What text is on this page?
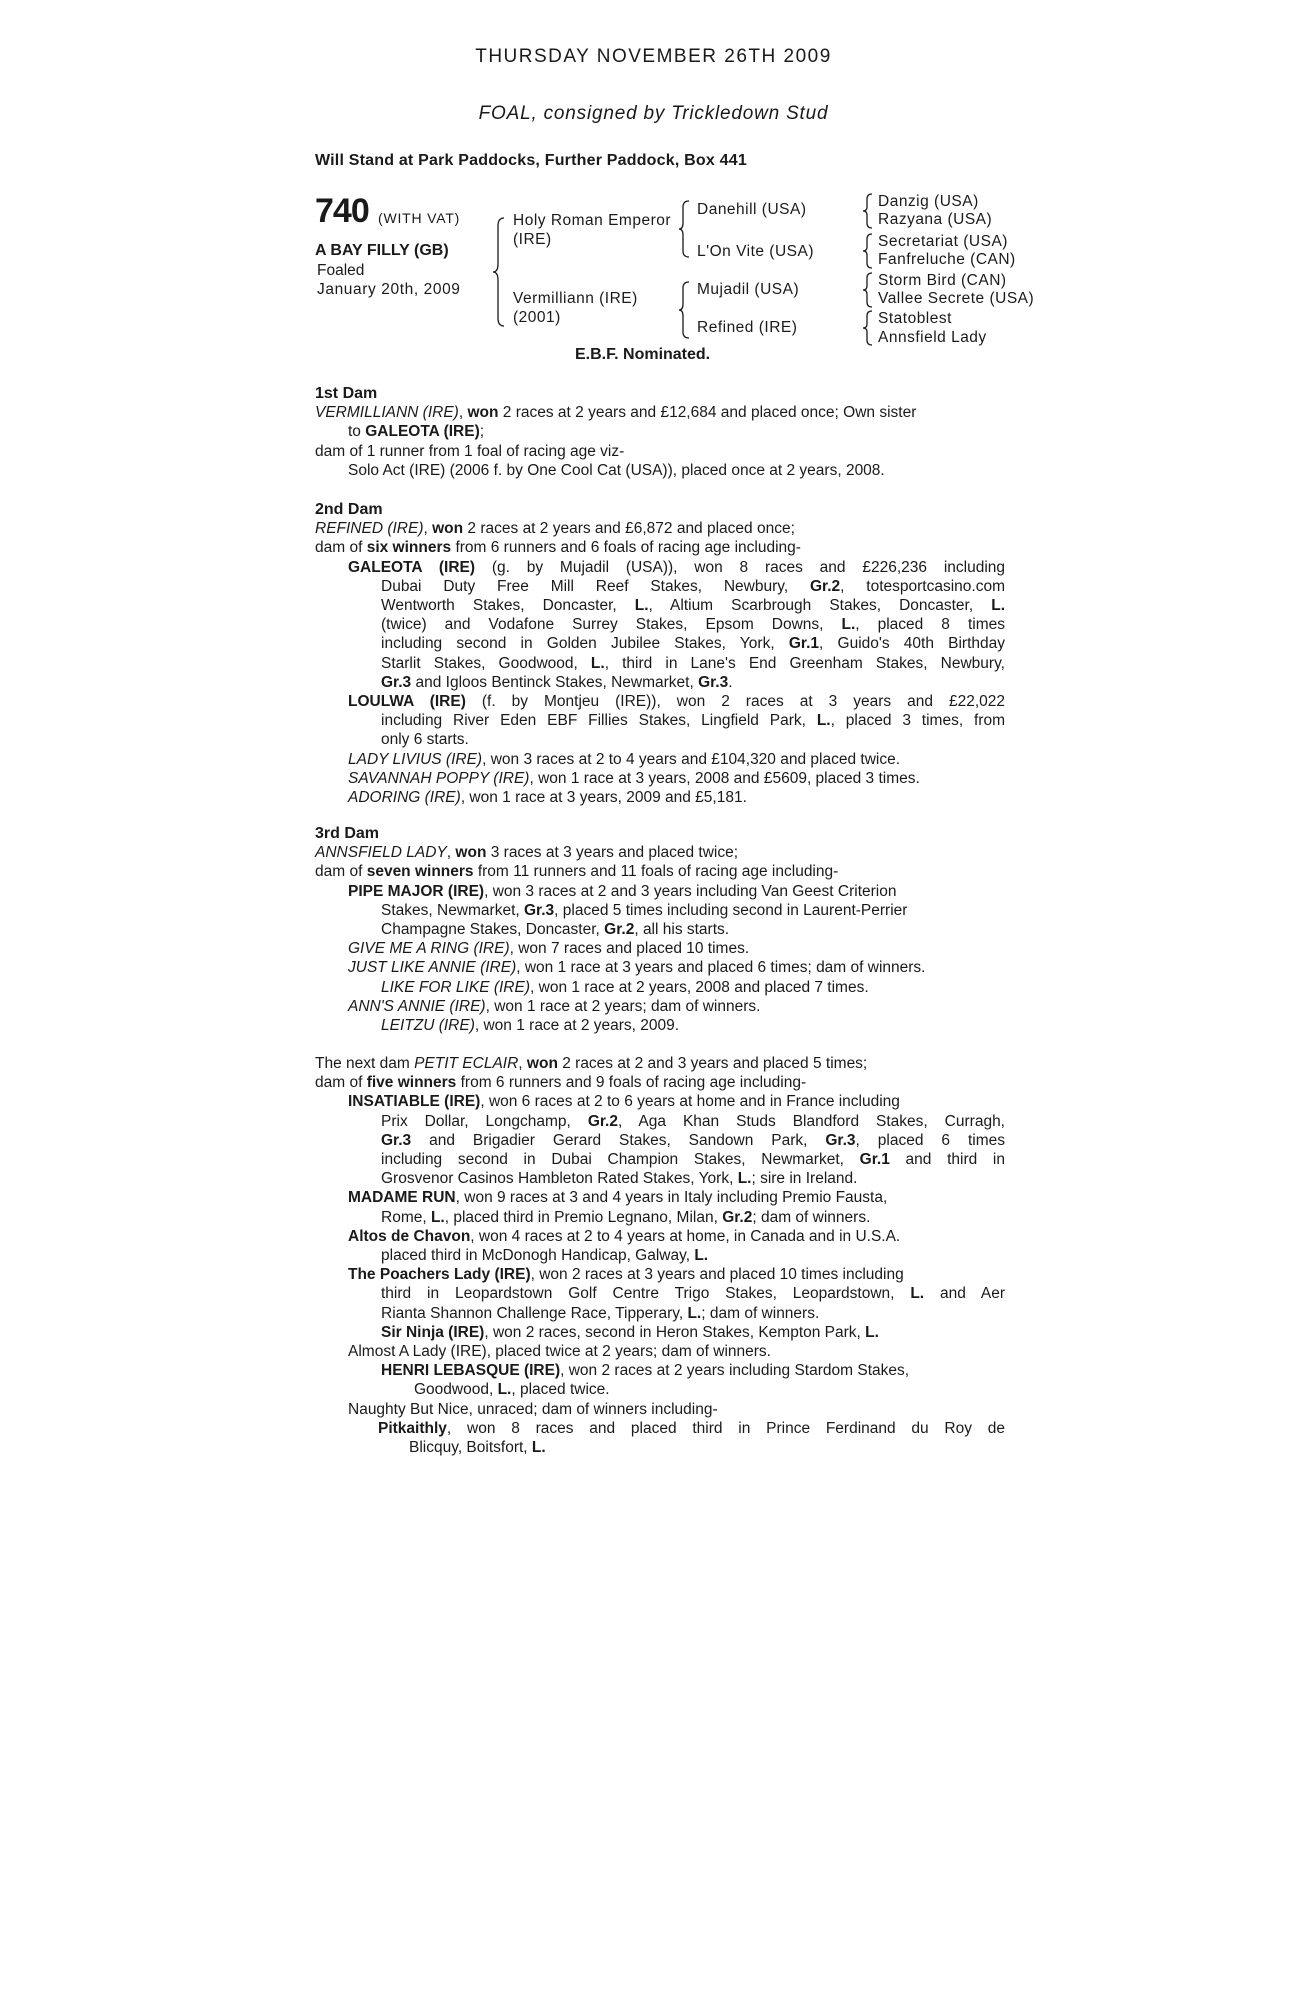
THURSDAY NOVEMBER 26TH 2009
FOAL, consigned by Trickledown Stud
Will Stand at Park Paddocks, Further Paddock, Box 441
740 (WITH VAT)
A BAY FILLY (GB)
Foaled
January 20th, 2009
Holy Roman Emperor
(IRE)
Vermilliann (IRE)
(2001)
Danehill (USA)
L'On Vite (USA)
Mujadil (USA)
Refined (IRE)
Danzig (USA)
Razyana (USA)
Secretariat (USA)
Fanfreluche (CAN)
Storm Bird (CAN)
Vallee Secrete (USA)
Statoblest
Annsfield Lady
E.B.F. Nominated.
1st Dam
VERMILLIANN (IRE), won 2 races at 2 years and £12,684 and placed once; Own sister
to GALEOTA (IRE);
dam of 1 runner from 1 foal of racing age viz-
Solo Act (IRE) (2006 f. by One Cool Cat (USA)), placed once at 2 years, 2008.
2nd Dam
REFINED (IRE), won 2 races at 2 years and £6,872 and placed once;
dam of six winners from 6 runners and 6 foals of racing age including-
GALEOTA (IRE) (g. by Mujadil (USA)), won 8 races and £226,236 including
Dubai Duty Free Mill Reef Stakes, Newbury, Gr.2, totesportcasino.com
Wentworth Stakes, Doncaster, L., Altium Scarbrough Stakes, Doncaster, L.
(twice) and Vodafone Surrey Stakes, Epsom Downs, L., placed 8 times
including second in Golden Jubilee Stakes, York, Gr.1, Guido's 40th Birthday
Starlit Stakes, Goodwood, L., third in Lane's End Greenham Stakes, Newbury,
Gr.3 and Igloos Bentinck Stakes, Newmarket, Gr.3.
LOULWA (IRE) (f. by Montjeu (IRE)), won 2 races at 3 years and £22,022
including River Eden EBF Fillies Stakes, Lingfield Park, L., placed 3 times, from
only 6 starts.
LADY LIVIUS (IRE), won 3 races at 2 to 4 years and £104,320 and placed twice.
SAVANNAH POPPY (IRE), won 1 race at 3 years, 2008 and £5609, placed 3 times.
ADORING (IRE), won 1 race at 3 years, 2009 and £5,181.
3rd Dam
ANNSFIELD LADY, won 3 races at 3 years and placed twice;
dam of seven winners from 11 runners and 11 foals of racing age including-
PIPE MAJOR (IRE), won 3 races at 2 and 3 years including Van Geest Criterion
Stakes, Newmarket, Gr.3, placed 5 times including second in Laurent-Perrier
Champagne Stakes, Doncaster, Gr.2, all his starts.
GIVE ME A RING (IRE), won 7 races and placed 10 times.
JUST LIKE ANNIE (IRE), won 1 race at 3 years and placed 6 times; dam of winners.
LIKE FOR LIKE (IRE), won 1 race at 2 years, 2008 and placed 7 times.
ANN'S ANNIE (IRE), won 1 race at 2 years; dam of winners.
LEITZU (IRE), won 1 race at 2 years, 2009.
The next dam PETIT ECLAIR, won 2 races at 2 and 3 years and placed 5 times;
dam of five winners from 6 runners and 9 foals of racing age including-
INSATIABLE (IRE), won 6 races at 2 to 6 years at home and in France including
Prix Dollar, Longchamp, Gr.2, Aga Khan Studs Blandford Stakes, Curragh,
Gr.3 and Brigadier Gerard Stakes, Sandown Park, Gr.3, placed 6 times
including second in Dubai Champion Stakes, Newmarket, Gr.1 and third in
Grosvenor Casinos Hambleton Rated Stakes, York, L.; sire in Ireland.
MADAME RUN, won 9 races at 3 and 4 years in Italy including Premio Fausta,
Rome, L., placed third in Premio Legnano, Milan, Gr.2; dam of winners.
Altos de Chavon, won 4 races at 2 to 4 years at home, in Canada and in U.S.A.
placed third in McDonogh Handicap, Galway, L.
The Poachers Lady (IRE), won 2 races at 3 years and placed 10 times including
third in Leopardstown Golf Centre Trigo Stakes, Leopardstown, L. and Aer
Rianta Shannon Challenge Race, Tipperary, L.; dam of winners.
Sir Ninja (IRE), won 2 races, second in Heron Stakes, Kempton Park, L.
Almost A Lady (IRE), placed twice at 2 years; dam of winners.
HENRI LEBASQUE (IRE), won 2 races at 2 years including Stardom Stakes,
Goodwood, L., placed twice.
Naughty But Nice, unraced; dam of winners including-
Pitkaithly, won 8 races and placed third in Prince Ferdinand du Roy de
Blicquy, Boitsfort, L.
